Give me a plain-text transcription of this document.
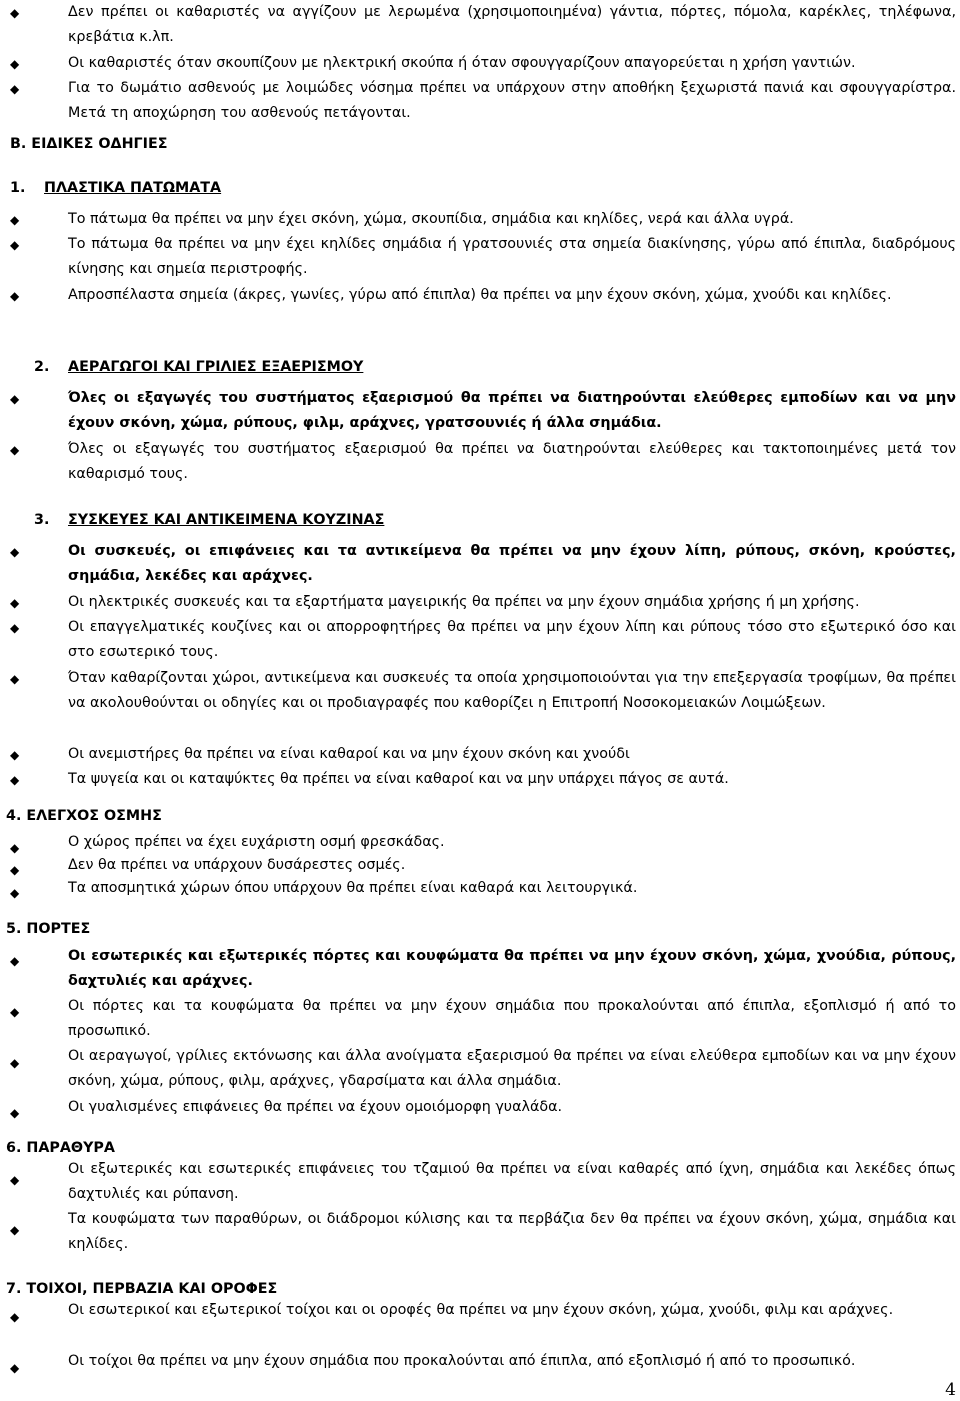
◆	Δεν πρέπει οι καθαριστές να αγγίζουν με λερωμένα (χρησιμοποιημένα) γάντια, πόρτες, πόμολα, καρέκλες, τηλέφωνα, κρεβάτια κ.λπ.
◆	Οι καθαριστές όταν σκουπίζουν με ηλεκτρική σκούπα ή όταν σφουγγαρίζουν απαγορεύεται η χρήση γαντιών.
◆	Για το δωμάτιο ασθενούς με λοιμώδες νόσημα πρέπει να υπάρχουν στην αποθήκη ξεχωριστά πανιά και σφουγγαρίστρα. Μετά τη αποχώρηση του ασθενούς πετάγονται.
Β. ΕΙΔΙΚΕΣ ΟΔΗΓΙΕΣ
1. ΠΛΑΣΤΙΚΑ ΠΑΤΩΜΑΤΑ
◆	Το πάτωμα θα πρέπει να μην έχει σκόνη, χώμα, σκουπίδια, σημάδια και κηλίδες, νερά και άλλα υγρά.
◆	Το πάτωμα θα πρέπει να μην έχει κηλίδες σημάδια ή γρατσουνιές στα σημεία διακίνησης, γύρω από έπιπλα, διαδρόμους κίνησης και σημεία περιστροφής.
◆	Απροσπέλαστα σημεία (άκρες, γωνίες, γύρω από έπιπλα) θα πρέπει να μην έχουν σκόνη, χώμα, χνούδι και κηλίδες.
2. ΑΕΡΑΓΩΓΟΙ ΚΑΙ ΓΡΙΛΙΕΣ ΕΞΑΕΡΙΣΜΟΥ
◆	Όλες οι εξαγωγές του συστήματος εξαερισμού θα πρέπει να διατηρούνται ελεύθερες εμποδίων και να μην έχουν σκόνη, χώμα, ρύπους, φιλμ, αράχνες, γρατσουνιές ή άλλα σημάδια.
◆	Όλες οι εξαγωγές του συστήματος εξαερισμού θα πρέπει να διατηρούνται ελεύθερες και τακτοποιημένες μετά τον καθαρισμό τους.
3. ΣΥΣΚΕΥΕΣ ΚΑΙ ΑΝΤΙΚΕΙΜΕΝΑ ΚΟΥΖΙΝΑΣ
◆	Οι συσκευές, οι επιφάνειες και τα αντικείμενα θα πρέπει να μην έχουν λίπη, ρύπους, σκόνη, κρούστες, σημάδια, λεκέδες και αράχνες.
◆	Οι ηλεκτρικές συσκευές και τα εξαρτήματα μαγειρικής θα πρέπει να μην έχουν σημάδια χρήσης ή μη χρήσης.
◆	Οι επαγγελματικές κουζίνες και οι απορροφητήρες θα πρέπει να μην έχουν λίπη και ρύπους τόσο στο εξωτερικό όσο και στο εσωτερικό τους.
◆	Όταν καθαρίζονται χώροι, αντικείμενα και συσκευές τα οποία χρησιμοποιούνται για την επεξεργασία τροφίμων, θα πρέπει να ακολουθούνται οι οδηγίες και οι προδιαγραφές που καθορίζει η Επιτροπή Νοσοκομειακών Λοιμώξεων.
◆	Οι ανεμιστήρες θα πρέπει να είναι καθαροί και να μην έχουν σκόνη και χνούδι
◆	Τα ψυγεία και οι καταψύκτες θα πρέπει να είναι καθαροί και να μην υπάρχει πάγος σε αυτά.
4. ΕΛΕΓΧΟΣ ΟΣΜΗΣ
◆	Ο χώρος πρέπει να έχει ευχάριστη οσμή φρεσκάδας.
◆	Δεν θα πρέπει να υπάρχουν δυσάρεστες οσμές.
◆	Τα αποσμητικά χώρων όπου υπάρχουν θα πρέπει είναι καθαρά και λειτουργικά.
5. ΠΟΡΤΕΣ
◆	Οι εσωτερικές και εξωτερικές πόρτες και κουφώματα θα πρέπει να μην έχουν σκόνη, χώμα, χνούδια, ρύπους, δαχτυλιές και αράχνες.
◆	Οι πόρτες και τα κουφώματα θα πρέπει να μην έχουν σημάδια που προκαλούνται από έπιπλα, εξοπλισμό ή από το προσωπικό.
◆	Οι αεραγωγοί, γρίλιες εκτόνωσης και άλλα ανοίγματα εξαερισμού θα πρέπει να είναι ελεύθερα εμποδίων και να μην έχουν σκόνη, χώμα, ρύπους, φιλμ, αράχνες, γδαρσίματα και άλλα σημάδια.
◆	Οι γυαλισμένες επιφάνειες θα πρέπει να έχουν ομοιόμορφη γυαλάδα.
6. ΠΑΡΑΘΥΡΑ
◆
Οι εξωτερικές και εσωτερικές επιφάνειες του τζαμιού θα πρέπει να είναι καθαρές από ίχνη, σημάδια και λεκέδες όπως δαχτυλιές και ρύπανση.
◆
Τα κουφώματα των παραθύρων, οι διάδρομοι κύλισης και τα περβάζια δεν θα πρέπει να έχουν σκόνη, χώμα, σημάδια και κηλίδες.
7. ΤΟΙΧΟΙ, ΠΕΡΒΑΖΙΑ ΚΑΙ ΟΡΟΦΕΣ
◆	Οι εσωτερικοί και εξωτερικοί τοίχοι και οι οροφές θα πρέπει να μην έχουν σκόνη, χώμα, χνούδι, φιλμ και αράχνες.
◆	Οι τοίχοι θα πρέπει να μην έχουν σημάδια που προκαλούνται από έπιπλα, από εξοπλισμό ή από το προσωπικό.
4
